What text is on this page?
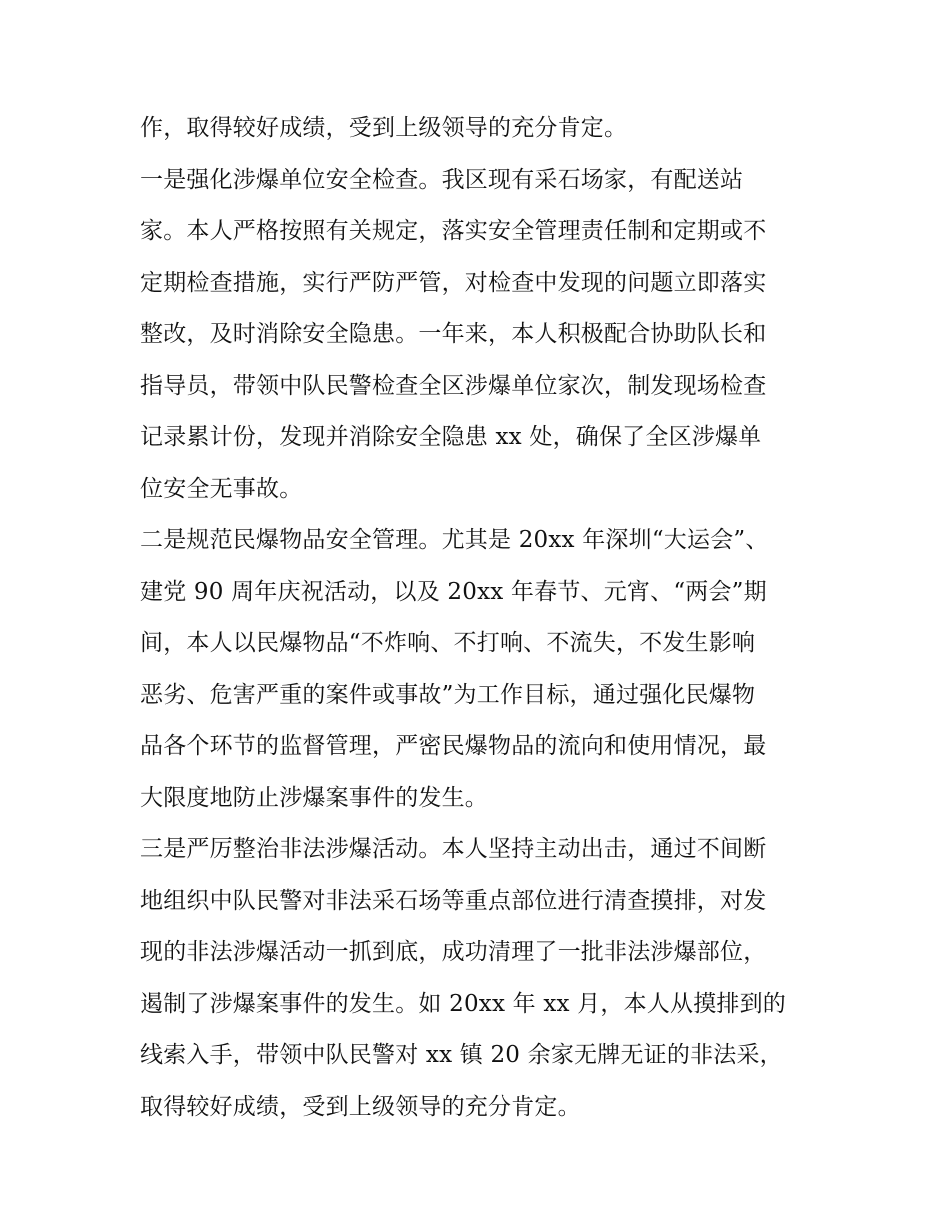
作，取得较好成绩，受到上级领导的充分肯定。
一是强化涉爆单位安全检查。我区现有采石场家，有配送站
家。本人严格按照有关规定，落实安全管理责任制和定期或不
定期检查措施，实行严防严管，对检查中发现的问题立即落实
整改，及时消除安全隐患。一年来，本人积极配合协助队长和
指导员，带领中队民警检查全区涉爆单位家次，制发现场检查
记录累计份，发现并消除安全隐患 xx 处，确保了全区涉爆单
位安全无事故。
二是规范民爆物品安全管理。尤其是 20xx 年深圳“大运会”、
建党 90 周年庆祝活动，以及 20xx 年春节、元宵、“两会”期
间，本人以民爆物品“不炸响、不打响、不流失，不发生影响
恶劣、危害严重的案件或事故”为工作目标，通过强化民爆物
品各个环节的监督管理，严密民爆物品的流向和使用情况，最
大限度地防止涉爆案事件的发生。
三是严厉整治非法涉爆活动。本人坚持主动出击，通过不间断
地组织中队民警对非法采石场等重点部位进行清查摸排，对发
现的非法涉爆活动一抓到底，成功清理了一批非法涉爆部位，
遏制了涉爆案事件的发生。如 20xx 年 xx 月，本人从摸排到的
线索入手，带领中队民警对 xx 镇 20 余家无牌无证的非法采，
取得较好成绩，受到上级领导的充分肯定。
